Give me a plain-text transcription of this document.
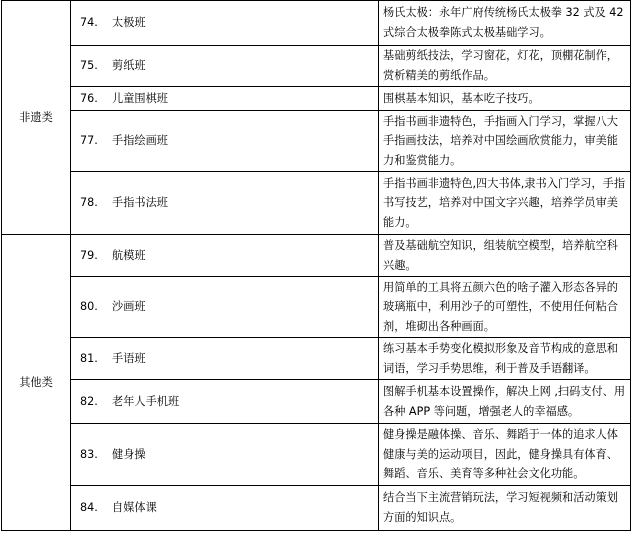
非遗类	74. 太极班	杨氏太极：永年广府传统杨氏太极拳 32 式及 42 式综合太极拳陈式太极基础学习。
	75. 剪纸班	基础剪纸技法，学习窗花，灯花，顶棚花制作，赏析精美的剪纸作品。
	76. 儿童围棋班	围棋基本知识，基本吃子技巧。
	77. 手指绘画班	手指书画非遗特色，手指画入门学习，掌握八大手指画技法，培养对中国绘画欣赏能力，审美能力和鉴赏能力。
	78. 手指书法班	手指书画非遗特色,四大书体,隶书入门学习，手指书写技艺，培养对中国文字兴趣，培养学员审美能力。
其他类	79. 航模班	普及基础航空知识，组装航空模型，培养航空科兴趣。
	80. 沙画班	用简单的工具将五颜六色的啥子灌入形态各异的玻璃瓶中，利用沙子的可塑性，不使用任何粘合剂，堆砌出各种画面。
	81. 手语班	练习基本手势变化模拟形象及音节构成的意思和词语，学习手势思维，利于普及手语翻译。
	82. 老年人手机班	图解手机基本设置操作，解决上网 ,扫码支付、用各种 APP 等问题，增强老人的幸福感。
	83. 健身操	健身操是融体操、音乐、舞蹈于一体的追求人体健康与美的运动项目，因此，健身操具有体育、舞蹈、音乐、美育等多种社会文化功能。
	84. 自媒体课	结合当下主流营销玩法，学习短视频和活动策划方面的知识点。
